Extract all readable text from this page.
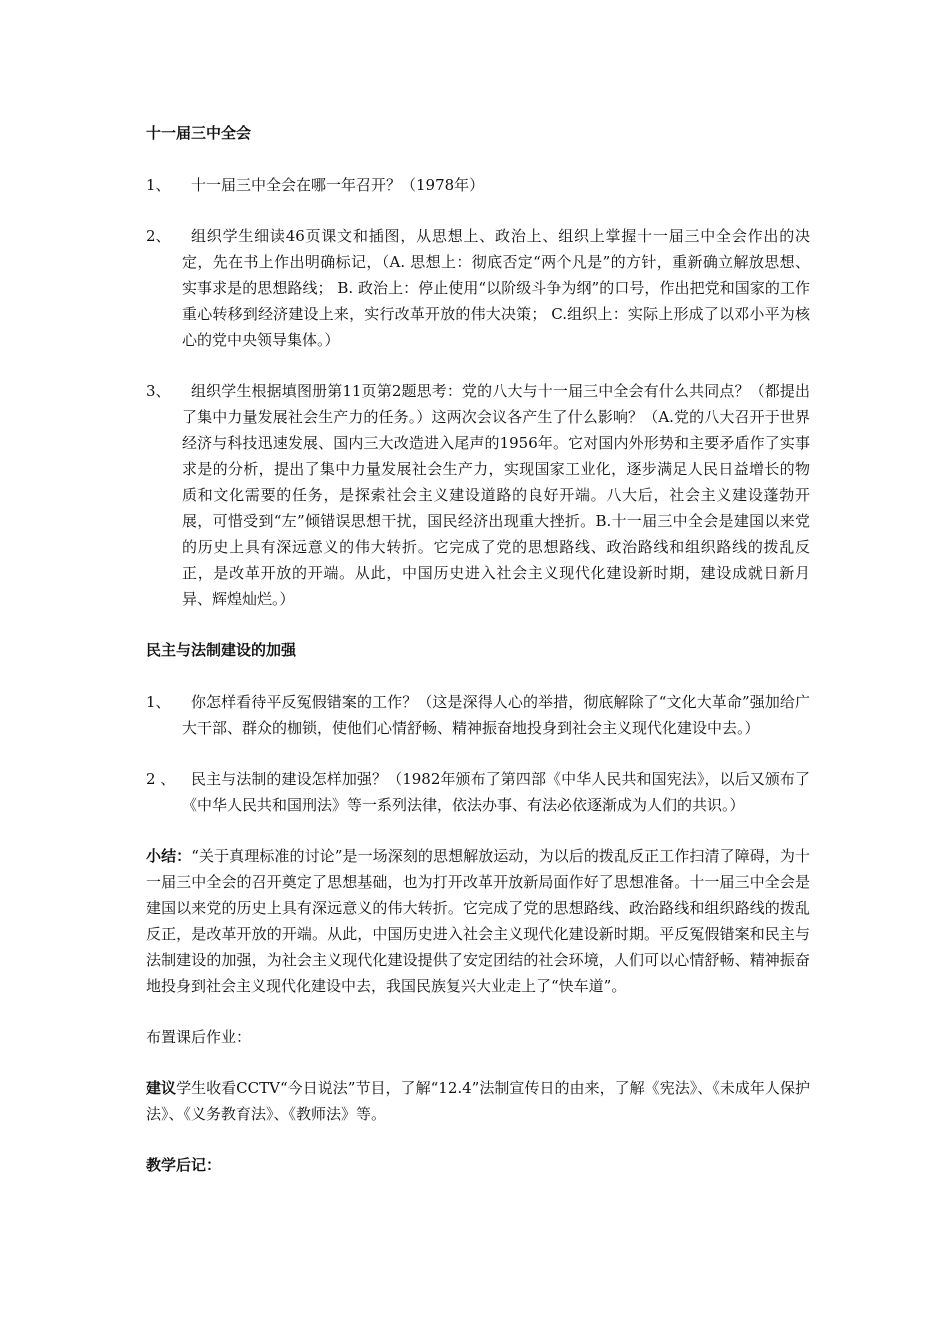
十一届三中全会
1、	十一届三中全会在哪一年召开？（1978年）
2、	组织学生细读46页课文和插图，从思想上、政治上、组织上掌握十一届三中全会作出的决定，先在书上作出明确标记，（A. 思想上：彻底否定“两个凡是”的方针，重新确立解放思想、实事求是的思想路线； B. 政治上：停止使用“以阶级斗争为纲”的口号，作出把党和国家的工作重心转移到经济建设上来，实行改革开放的伟大决策； C.组织上：实际上形成了以邓小平为核心的党中央领导集体。）
3、	组织学生根据填图册第11页第2题思考：党的八大与十一届三中全会有什么共同点？（都提出了集中力量发展社会生产力的任务。）这两次会议各产生了什么影响？（A.党的八大召开于世界经济与科技迅速发展、国内三大改造进入尾声的1956年。它对国内外形势和主要矛盾作了实事求是的分析，提出了集中力量发展社会生产力，实现国家工业化，逐步满足人民日益增长的物质和文化需要的任务，是探索社会主义建设道路的良好开端。八大后，社会主义建设蓬勃开展，可惜受到“左”倾错误思想干扰，国民经济出现重大挫折。B.十一届三中全会是建国以来党的历史上具有深远意义的伟大转折。它完成了党的思想路线、政治路线和组织路线的拨乱反正，是改革开放的开端。从此，中国历史进入社会主义现代化建设新时期，建设成就日新月异、辉煌灿烂。）
民主与法制建设的加强
1、	你怎样看待平反冤假错案的工作？（这是深得人心的举措，彻底解除了“文化大革命”强加给广大干部、群众的枷锁，使他们心情舒畅、精神振奋地投身到社会主义现代化建设中去。）
2 、	民主与法制的建设怎样加强？（1982年颁布了第四部《中华人民共和国宪法》，以后又颁布了《中华人民共和国刑法》等一系列法律，依法办事、有法必依逐渐成为人们的共识。）
小结：“关于真理标准的讨论”是一场深刻的思想解放运动，为以后的拨乱反正工作扫清了障碍，为十一届三中全会的召开奠定了思想基础，也为打开改革开放新局面作好了思想准备。十一届三中全会是建国以来党的历史上具有深远意义的伟大转折。它完成了党的思想路线、政治路线和组织路线的拨乱反正，是改革开放的开端。从此，中国历史进入社会主义现代化建设新时期。平反冤假错案和民主与法制建设的加强，为社会主义现代化建设提供了安定团结的社会环境，人们可以心情舒畅、精神振奋地投身到社会主义现代化建设中去，我国民族复兴大业走上了“快车道”。
布置课后作业：
建议学生收看CCTV“今日说法”节目，了解“12.4”法制宣传日的由来，了解《宪法》、《未成年人保护法》、《义务教育法》、《教师法》等。
教学后记：
